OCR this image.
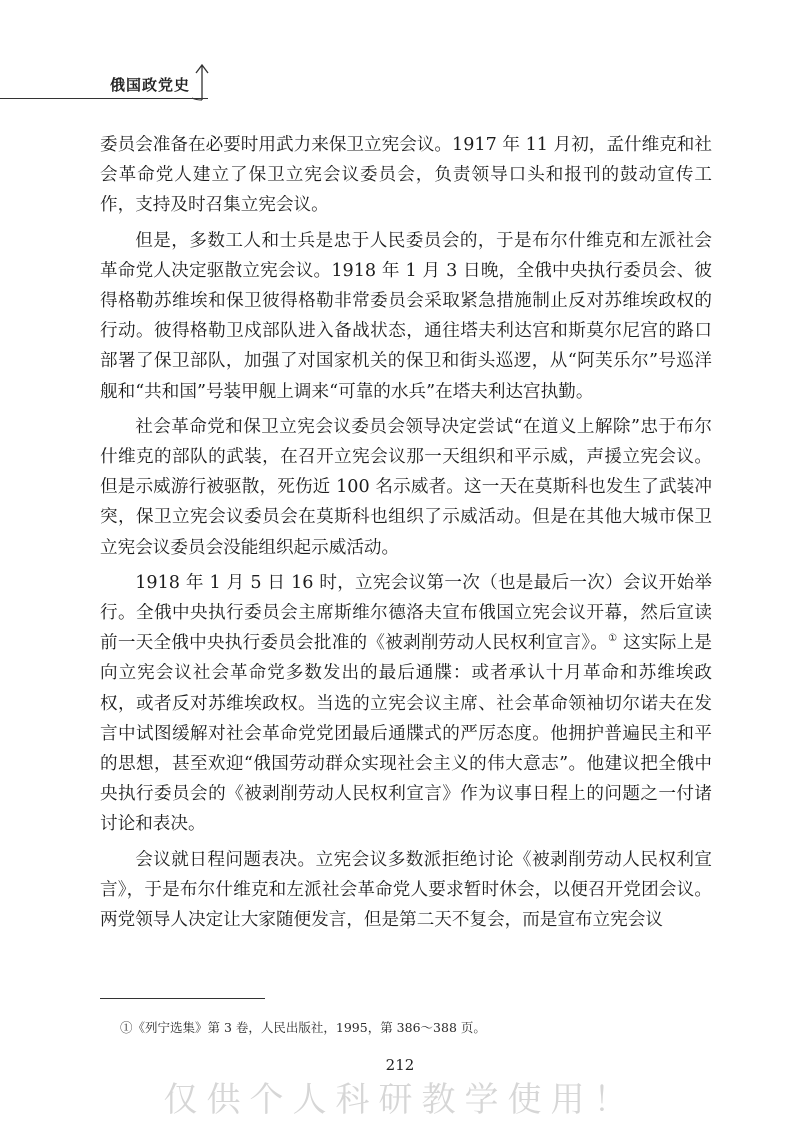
俄国政党史

委员会准备在必要时用武力来保卫立宪会议。1917 年 11 月初，孟什维克和社会革命党人建立了保卫立宪会议委员会，负责领导口头和报刊的鼓动宣传工作，支持及时召集立宪会议。

但是，多数工人和士兵是忠于人民委员会的，于是布尔什维克和左派社会革命党人决定驱散立宪会议。1918 年 1 月 3 日晚，全俄中央执行委员会、彼得格勒苏维埃和保卫彼得格勒非常委员会采取紧急措施制止反对苏维埃政权的行动。彼得格勒卫戍部队进入备战状态，通往塔夫利达宫和斯莫尔尼宫的路口部署了保卫部队，加强了对国家机关的保卫和街头巡逻，从“阿芙乐尔”号巡洋舰和“共和国”号装甲舰上调来“可靠的水兵”在塔夫利达宫执勤。

社会革命党和保卫立宪会议委员会领导决定尝试“在道义上解除”忠于布尔什维克的部队的武装，在召开立宪会议那一天组织和平示威，声援立宪会议。但是示威游行被驱散，死伤近 100 名示威者。这一天在莫斯科也发生了武装冲突，保卫立宪会议委员会在莫斯科也组织了示威活动。但是在其他大城市保卫立宪会议委员会没能组织起示威活动。

1918 年 1 月 5 日 16 时，立宪会议第一次（也是最后一次）会议开始举行。全俄中央执行委员会主席斯维尔德洛夫宣布俄国立宪会议开幕，然后宣读前一天全俄中央执行委员会批准的《被剥削劳动人民权利宣言》。① 这实际上是向立宪会议社会革命党多数发出的最后通牒：或者承认十月革命和苏维埃政权，或者反对苏维埃政权。当选的立宪会议主席、社会革命领袖切尔诺夫在发言中试图缓解对社会革命党党团最后通牒式的严厉态度。他拥护普遍民主和平的思想，甚至欢迎“俄国劳动群众实现社会主义的伟大意志”。他建议把全俄中央执行委员会的《被剥削劳动人民权利宣言》作为议事日程上的问题之一付诸讨论和表决。

会议就日程问题表决。立宪会议多数派拒绝讨论《被剥削劳动人民权利宣言》，于是布尔什维克和左派社会革命党人要求暂时休会，以便召开党团会议。两党领导人决定让大家随便发言，但是第二天不复会，而是宣布立宪会议

①《列宁选集》第 3 卷，人民出版社，1995，第 386～388 页。
212
仅供个人科研教学使用！
